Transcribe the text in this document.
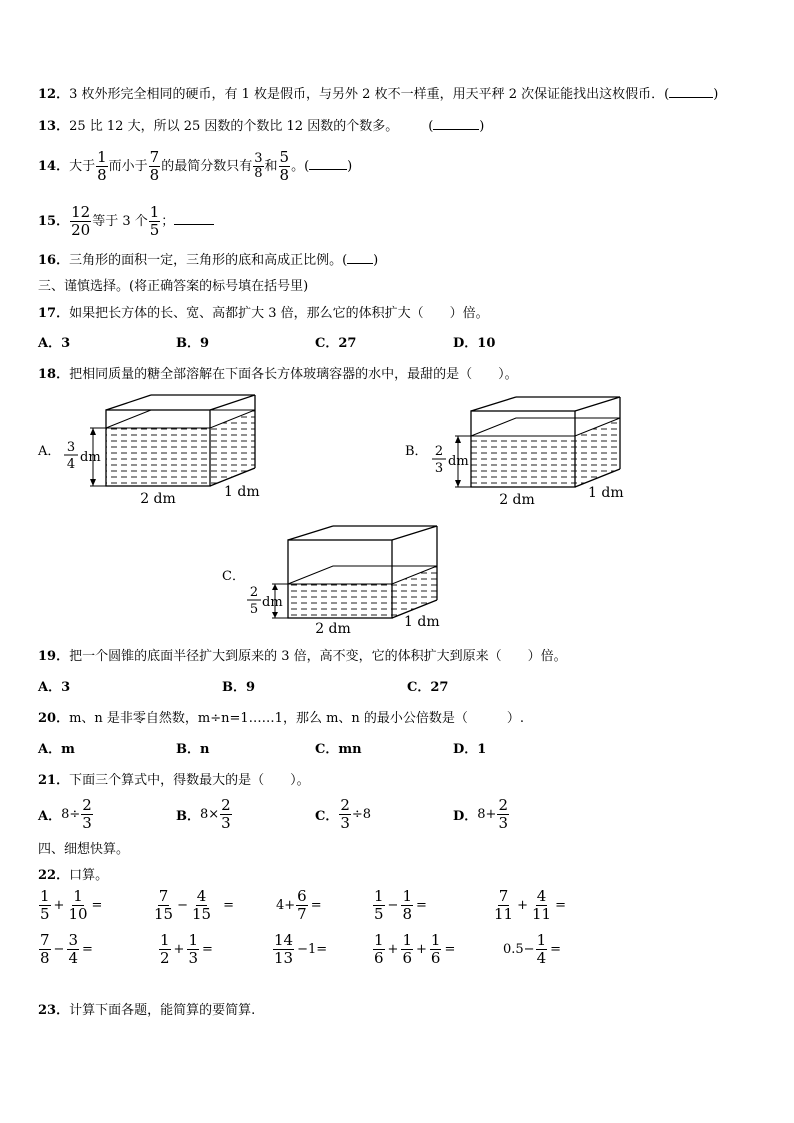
12．3 枚外形完全相同的硬币，有 1 枚是假币，与另外 2 枚不一样重，用天平秤 2 次保证能找出这枚假币．(	)
13．25 比 12 大，所以 25 因数的个数比 12 因数的个数多。 (	)
14．大于 $\frac{1}{8}$ 而小于 $\frac{7}{8}$ 的最简分数只有 $\frac{3}{8}$ 和 $\frac{5}{8}$ 。(	)
15． $\frac{12}{20}$ 等于 3 个 $\frac{1}{5}$ ；
16．三角形的面积一定，三角形的底和高成正比例。( )
三、谨慎选择。(将正确答案的标号填在括号里)
17．如果把长方体的长、宽、高都扩大 3 倍，那么它的体积扩大（　　）倍。
A．3	B．9	C．27	D．10
18．把相同质量的糖全部溶解在下面各长方体玻璃容器的水中，最甜的是（　　）。
A． 3
4 dm
2 dm	1 dm
B． 2
3 dm
2 dm	1 dm
C．
2
5 dm
2 dm	1 dm
19．把一个圆锥的底面半径扩大到原来的 3 倍，高不变，它的体积扩大到原来（　　）倍。
A．3	B．9	C．27
20．m、n 是非零自然数，m÷n=1……1，那么 m、n 的最小公倍数是（　　　）.
A．m	B．n	C．mn	D．1
21．下面三个算式中，得数最大的是（　　）。
A． $8\div \frac{2}{3}$	B． $8\times \frac{2}{3}$	C． $\frac{2}{3} \div 8$	D． $8+ \frac{2}{3}$
四、细想快算。
22．口算。
$\frac{1}{5} + \frac{1}{10}$ =	$\frac{7}{15} - \frac{4}{15}$ =	$4+ \frac{6}{7}$ =	$\frac{1}{5} - \frac{1}{8}$ =	$\frac{7}{11} + \frac{4}{11}$ =
$\frac{7}{8} - \frac{3}{4}$ =	$\frac{1}{2} + \frac{1}{3}$ =	$\frac{14}{13} -1=$	$\frac{1}{6} + \frac{1}{6} + \frac{1}{6}$ =	$0.5- \frac{1}{4}$ =
23．计算下面各题，能简算的要简算.
